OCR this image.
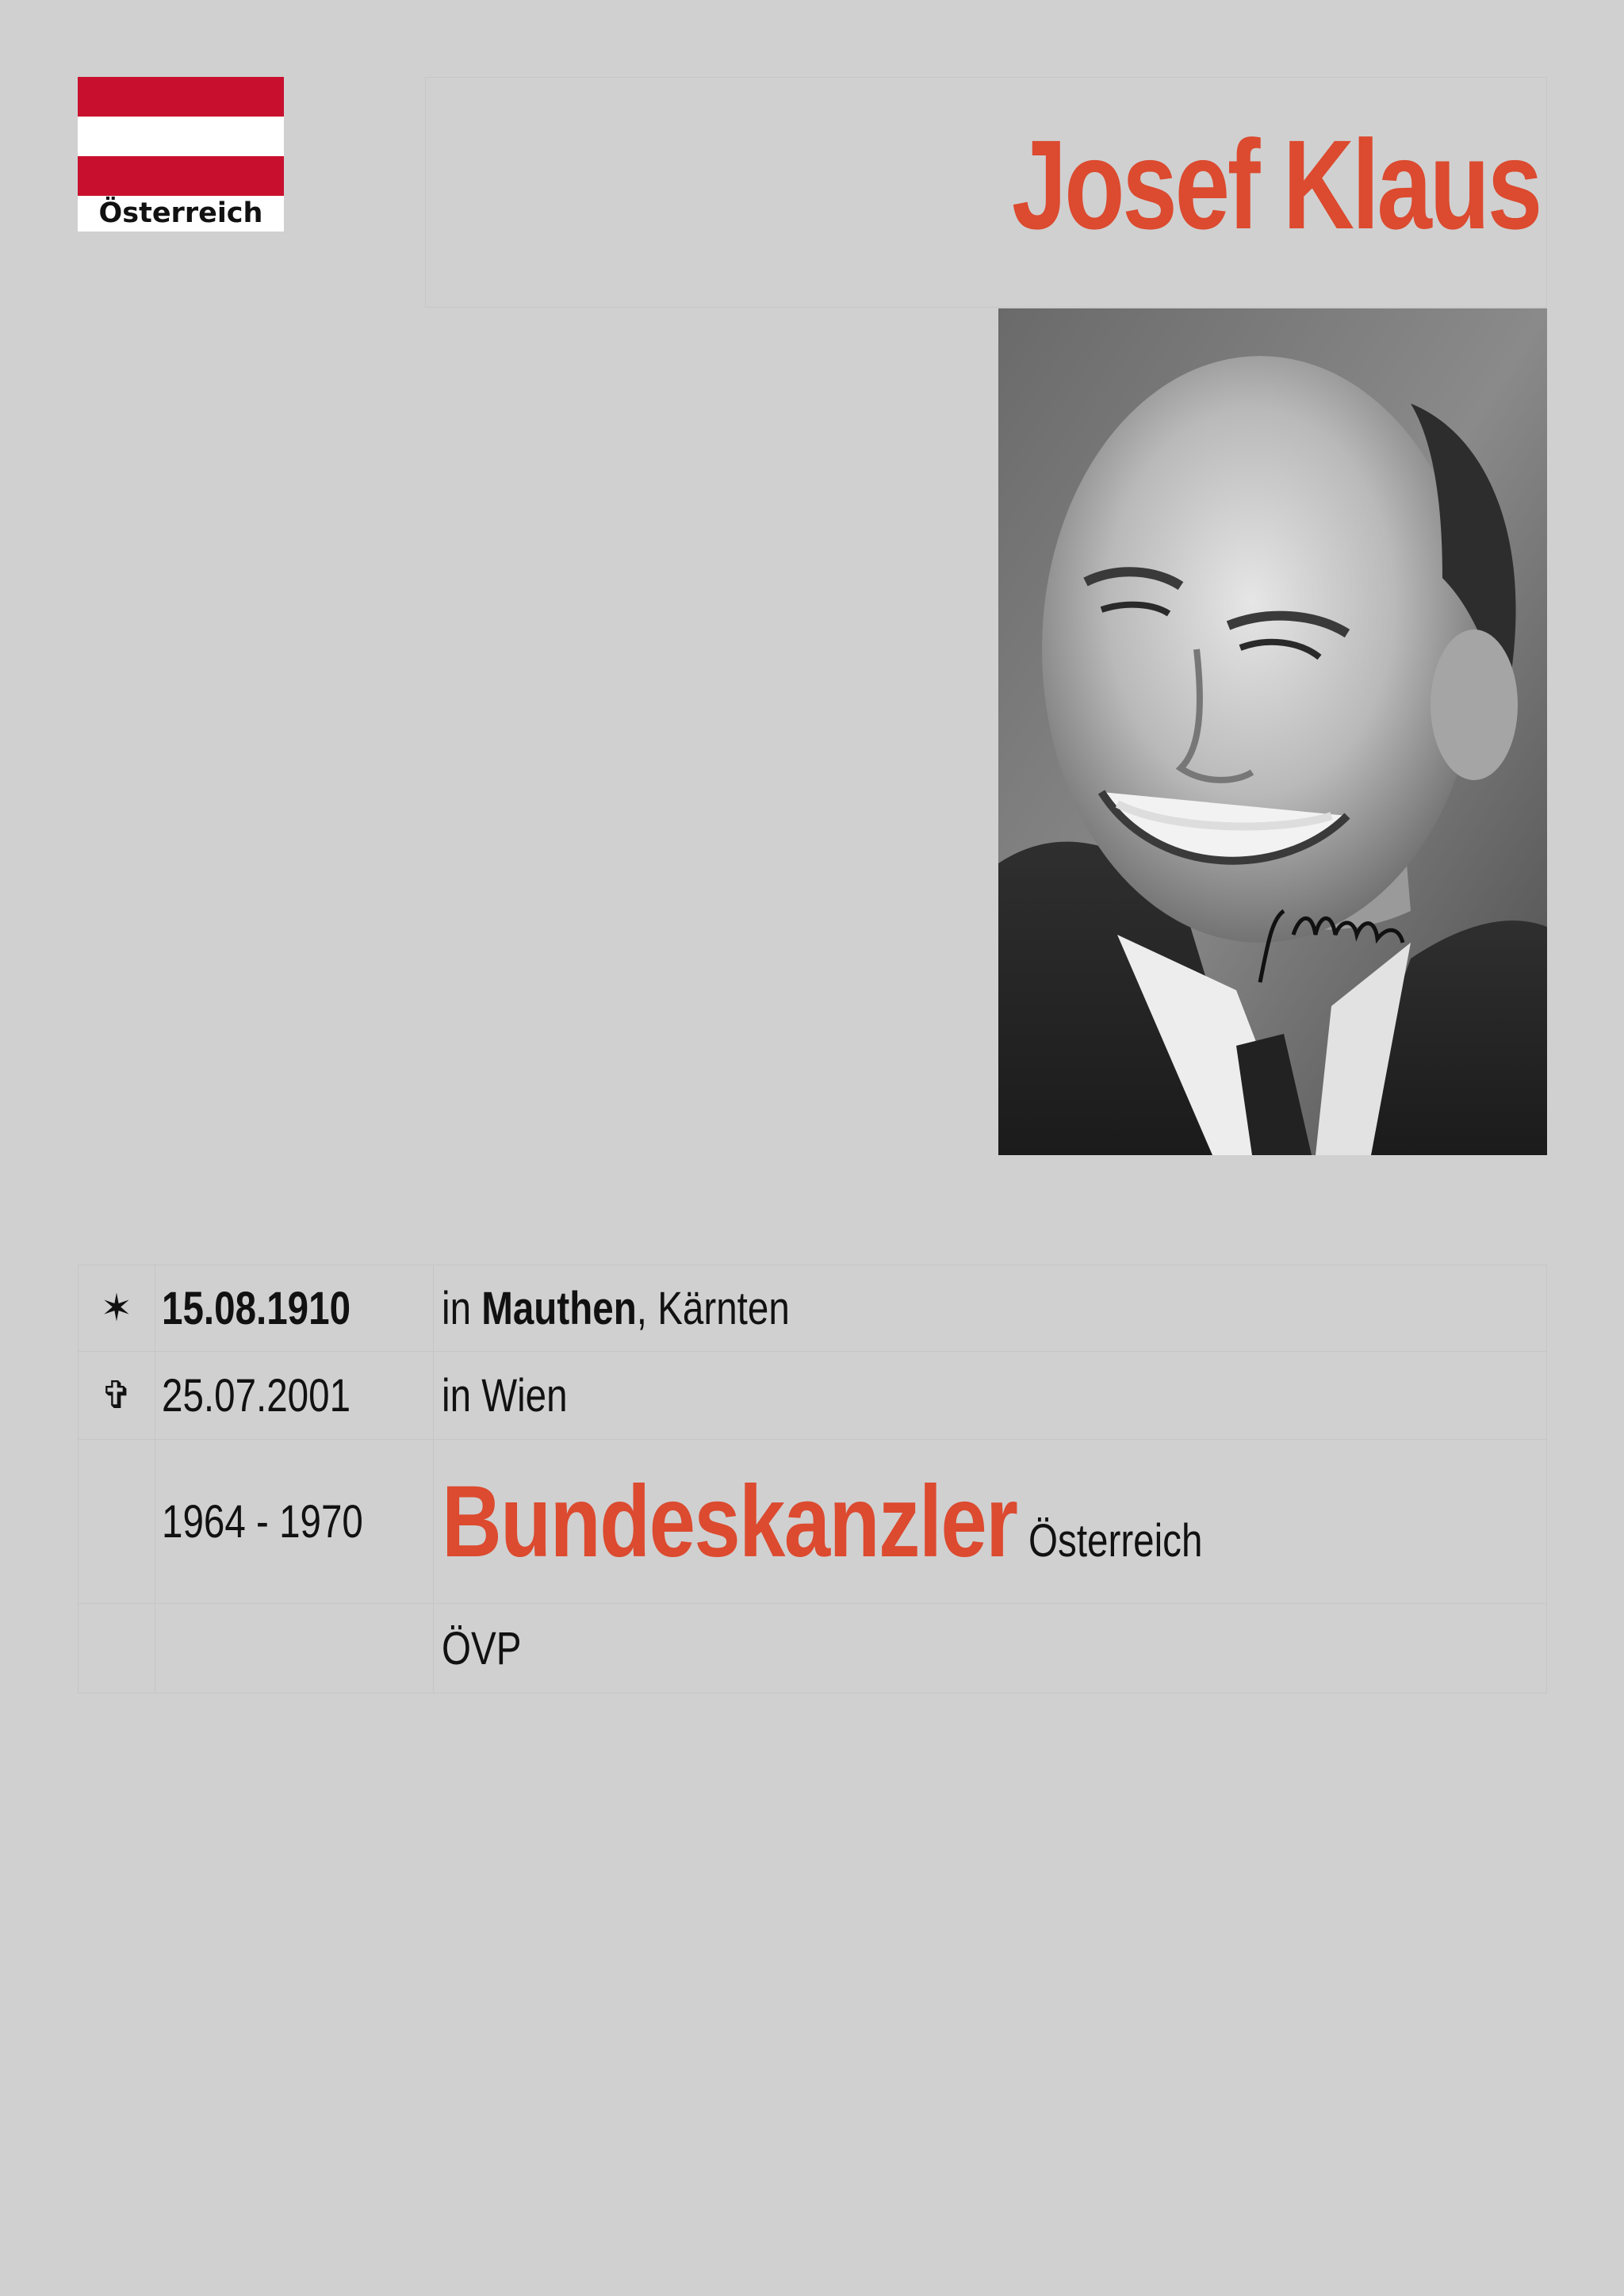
Österreich	Josef Klaus
✶	15.08.1910	in Mauthen, Kärnten
✞	25.07.2001	in Wien
	1964 - 1970	Bundeskanzler Österreich
		ÖVP
